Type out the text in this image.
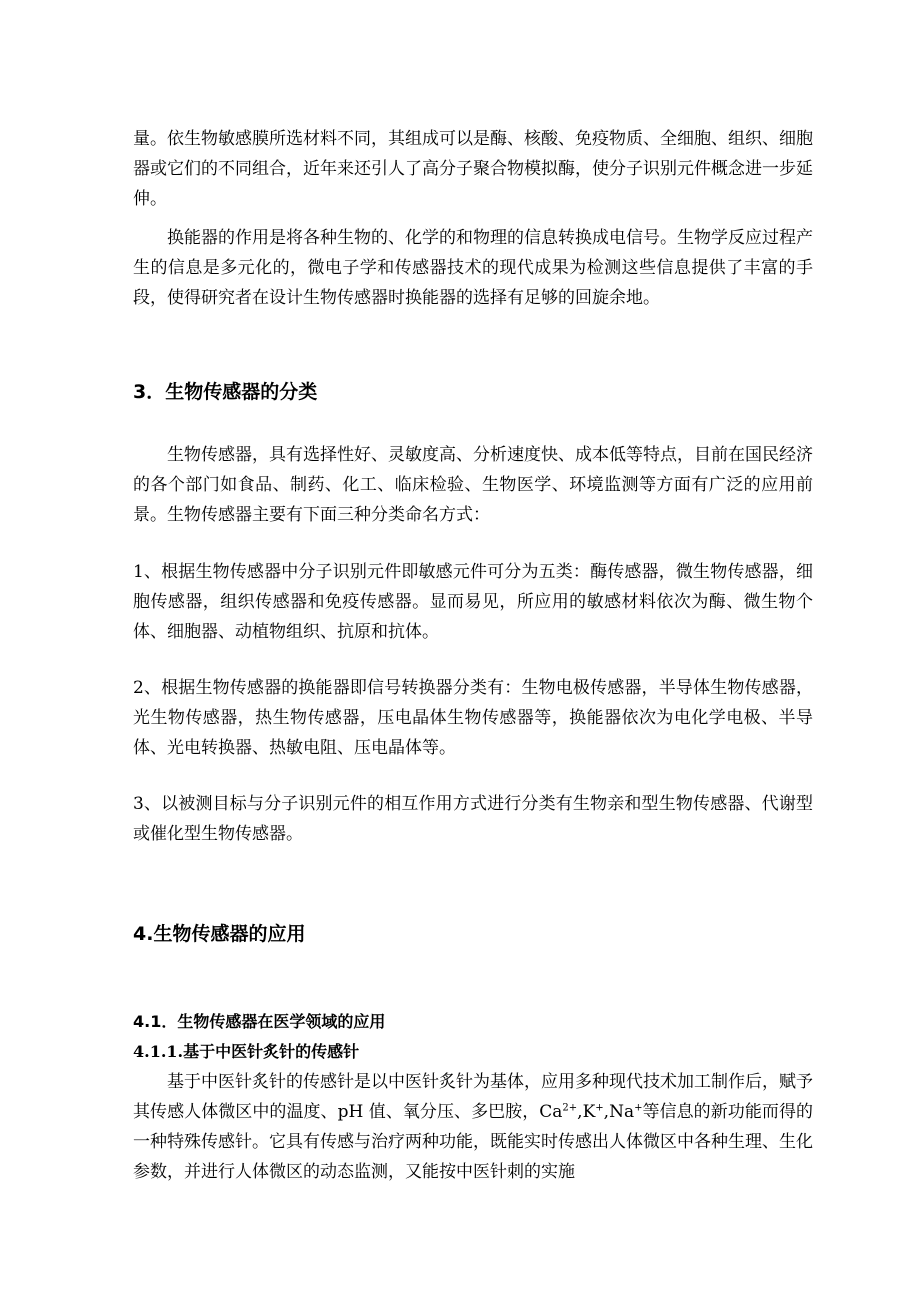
量。依生物敏感膜所选材料不同，其组成可以是酶、核酸、免疫物质、全细胞、组织、细胞器或它们的不同组合，近年来还引人了高分子聚合物模拟酶，使分子识别元件概念进一步延伸。

换能器的作用是将各种生物的、化学的和物理的信息转换成电信号。生物学反应过程产生的信息是多元化的，微电子学和传感器技术的现代成果为检测这些信息提供了丰富的手段，使得研究者在设计生物传感器时换能器的选择有足够的回旋余地。

3．生物传感器的分类

生物传感器，具有选择性好、灵敏度高、分析速度快、成本低等特点，目前在国民经济的各个部门如食品、制药、化工、临床检验、生物医学、环境监测等方面有广泛的应用前景。生物传感器主要有下面三种分类命名方式：

1、根据生物传感器中分子识别元件即敏感元件可分为五类：酶传感器，微生物传感器，细胞传感器，组织传感器和免疫传感器。显而易见，所应用的敏感材料依次为酶、微生物个体、细胞器、动植物组织、抗原和抗体。

2、根据生物传感器的换能器即信号转换器分类有：生物电极传感器，半导体生物传感器，光生物传感器，热生物传感器，压电晶体生物传感器等，换能器依次为电化学电极、半导体、光电转换器、热敏电阻、压电晶体等。

3、以被测目标与分子识别元件的相互作用方式进行分类有生物亲和型生物传感器、代谢型或催化型生物传感器。

4.生物传感器的应用
4.1．生物传感器在医学领域的应用
4.1.1.基于中医针炙针的传感针

基于中医针炙针的传感针是以中医针炙针为基体，应用多种现代技术加工制作后，赋予其传感人体微区中的温度、pH 值、氧分压、多巴胺，$Ca^{2+},K^+,Na^+$等信息的新功能而得的一种特殊传感针。它具有传感与治疗两种功能，既能实时传感出人体微区中各种生理、生化参数，并进行人体微区的动态监测，又能按中医针刺的实施
